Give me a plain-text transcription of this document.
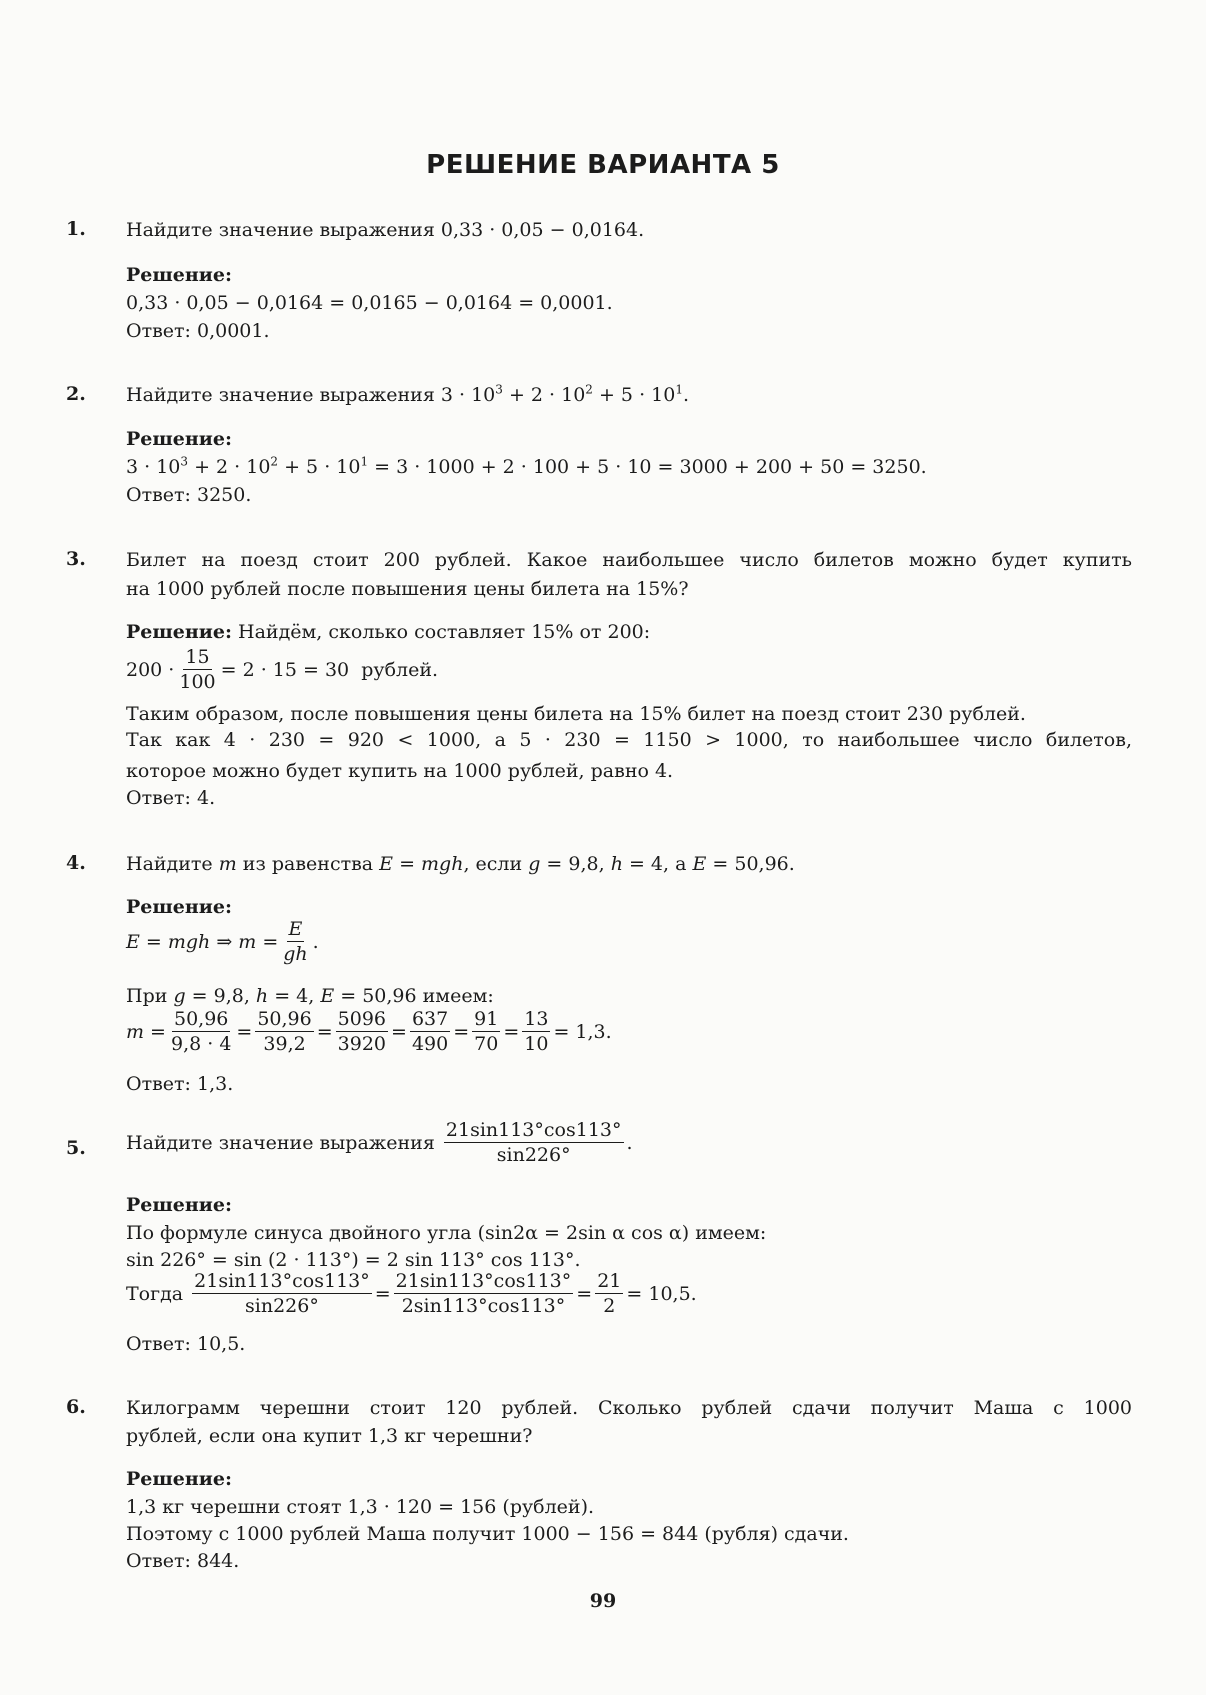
РЕШЕНИЕ ВАРИАНТА 5
1. Найдите значение выражения 0,33 · 0,05 − 0,0164.
Решение:
0,33 · 0,05 − 0,0164 = 0,0165 − 0,0164 = 0,0001.
Ответ: 0,0001.
2. Найдите значение выражения $3 \cdot 10^3 + 2 \cdot 10^2 + 5 \cdot 10^1$.
Решение:
$3 \cdot 10^3 + 2 \cdot 10^2 + 5 \cdot 10^1 = 3 \cdot 1000 + 2 \cdot 100 + 5 \cdot 10 = 3000 + 200 + 50 = 3250$.
Ответ: 3250.
3. Билет на поезд стоит 200 рублей. Какое наибольшее число билетов можно будет купить
на 1000 рублей после повышения цены билета на 15%?
Решение: Найдём, сколько составляет 15% от 200:
$200 \cdot \frac{15}{100} = 2 \cdot 15 = 30$
рублей.
Таким образом, после повышения цены билета на 15% билет на поезд стоит 230 рублей.
Так как 4 · 230 = 920 < 1000, а 5 · 230 = 1150 > 1000, то наибольшее число билетов,
которое можно будет купить на 1000 рублей, равно 4.
Ответ: 4.
4. Найдите m из равенства E = mgh, если g = 9,8, h = 4, а E = 50,96.
Решение:
E = mgh ⇒ $m = \frac{E}{gh}$ .
При g = 9,8, h = 4, E = 50,96 имеем:
$m = \frac{50,96}{9,8 \cdot 4} = \frac{50,96}{39,2} = \frac{5096}{3920} = \frac{637}{490} = \frac{91}{70} = \frac{13}{10} = 1,3$.
Ответ: 1,3.
5. Найдите значение выражения
$\frac{21\sin 113^\circ\cos 113^\circ}{\sin 226^\circ}$ .
Решение:
По формуле синуса двойного угла (sin2α = 2sin α cos α) имеем:
sin 226° = sin (2 · 113°) = 2 sin 113° cos 113°.
Тогда
$\frac{21\sin 113^\circ\cos 113^\circ}{\sin 226^\circ} = \frac{21\sin 113^\circ\cos 113^\circ}{2\sin 113^\circ\cos 113^\circ} = \frac{21}{2} = 10,5$.
Ответ: 10,5.
6. Килограмм черешни стоит 120 рублей. Сколько рублей сдачи получит Маша с 1000
рублей, если она купит 1,3 кг черешни?
Решение:
1,3 кг черешни стоят 1,3 · 120 = 156 (рублей).
Поэтому с 1000 рублей Маша получит 1000 − 156 = 844 (рубля) сдачи.
Ответ: 844.
99
